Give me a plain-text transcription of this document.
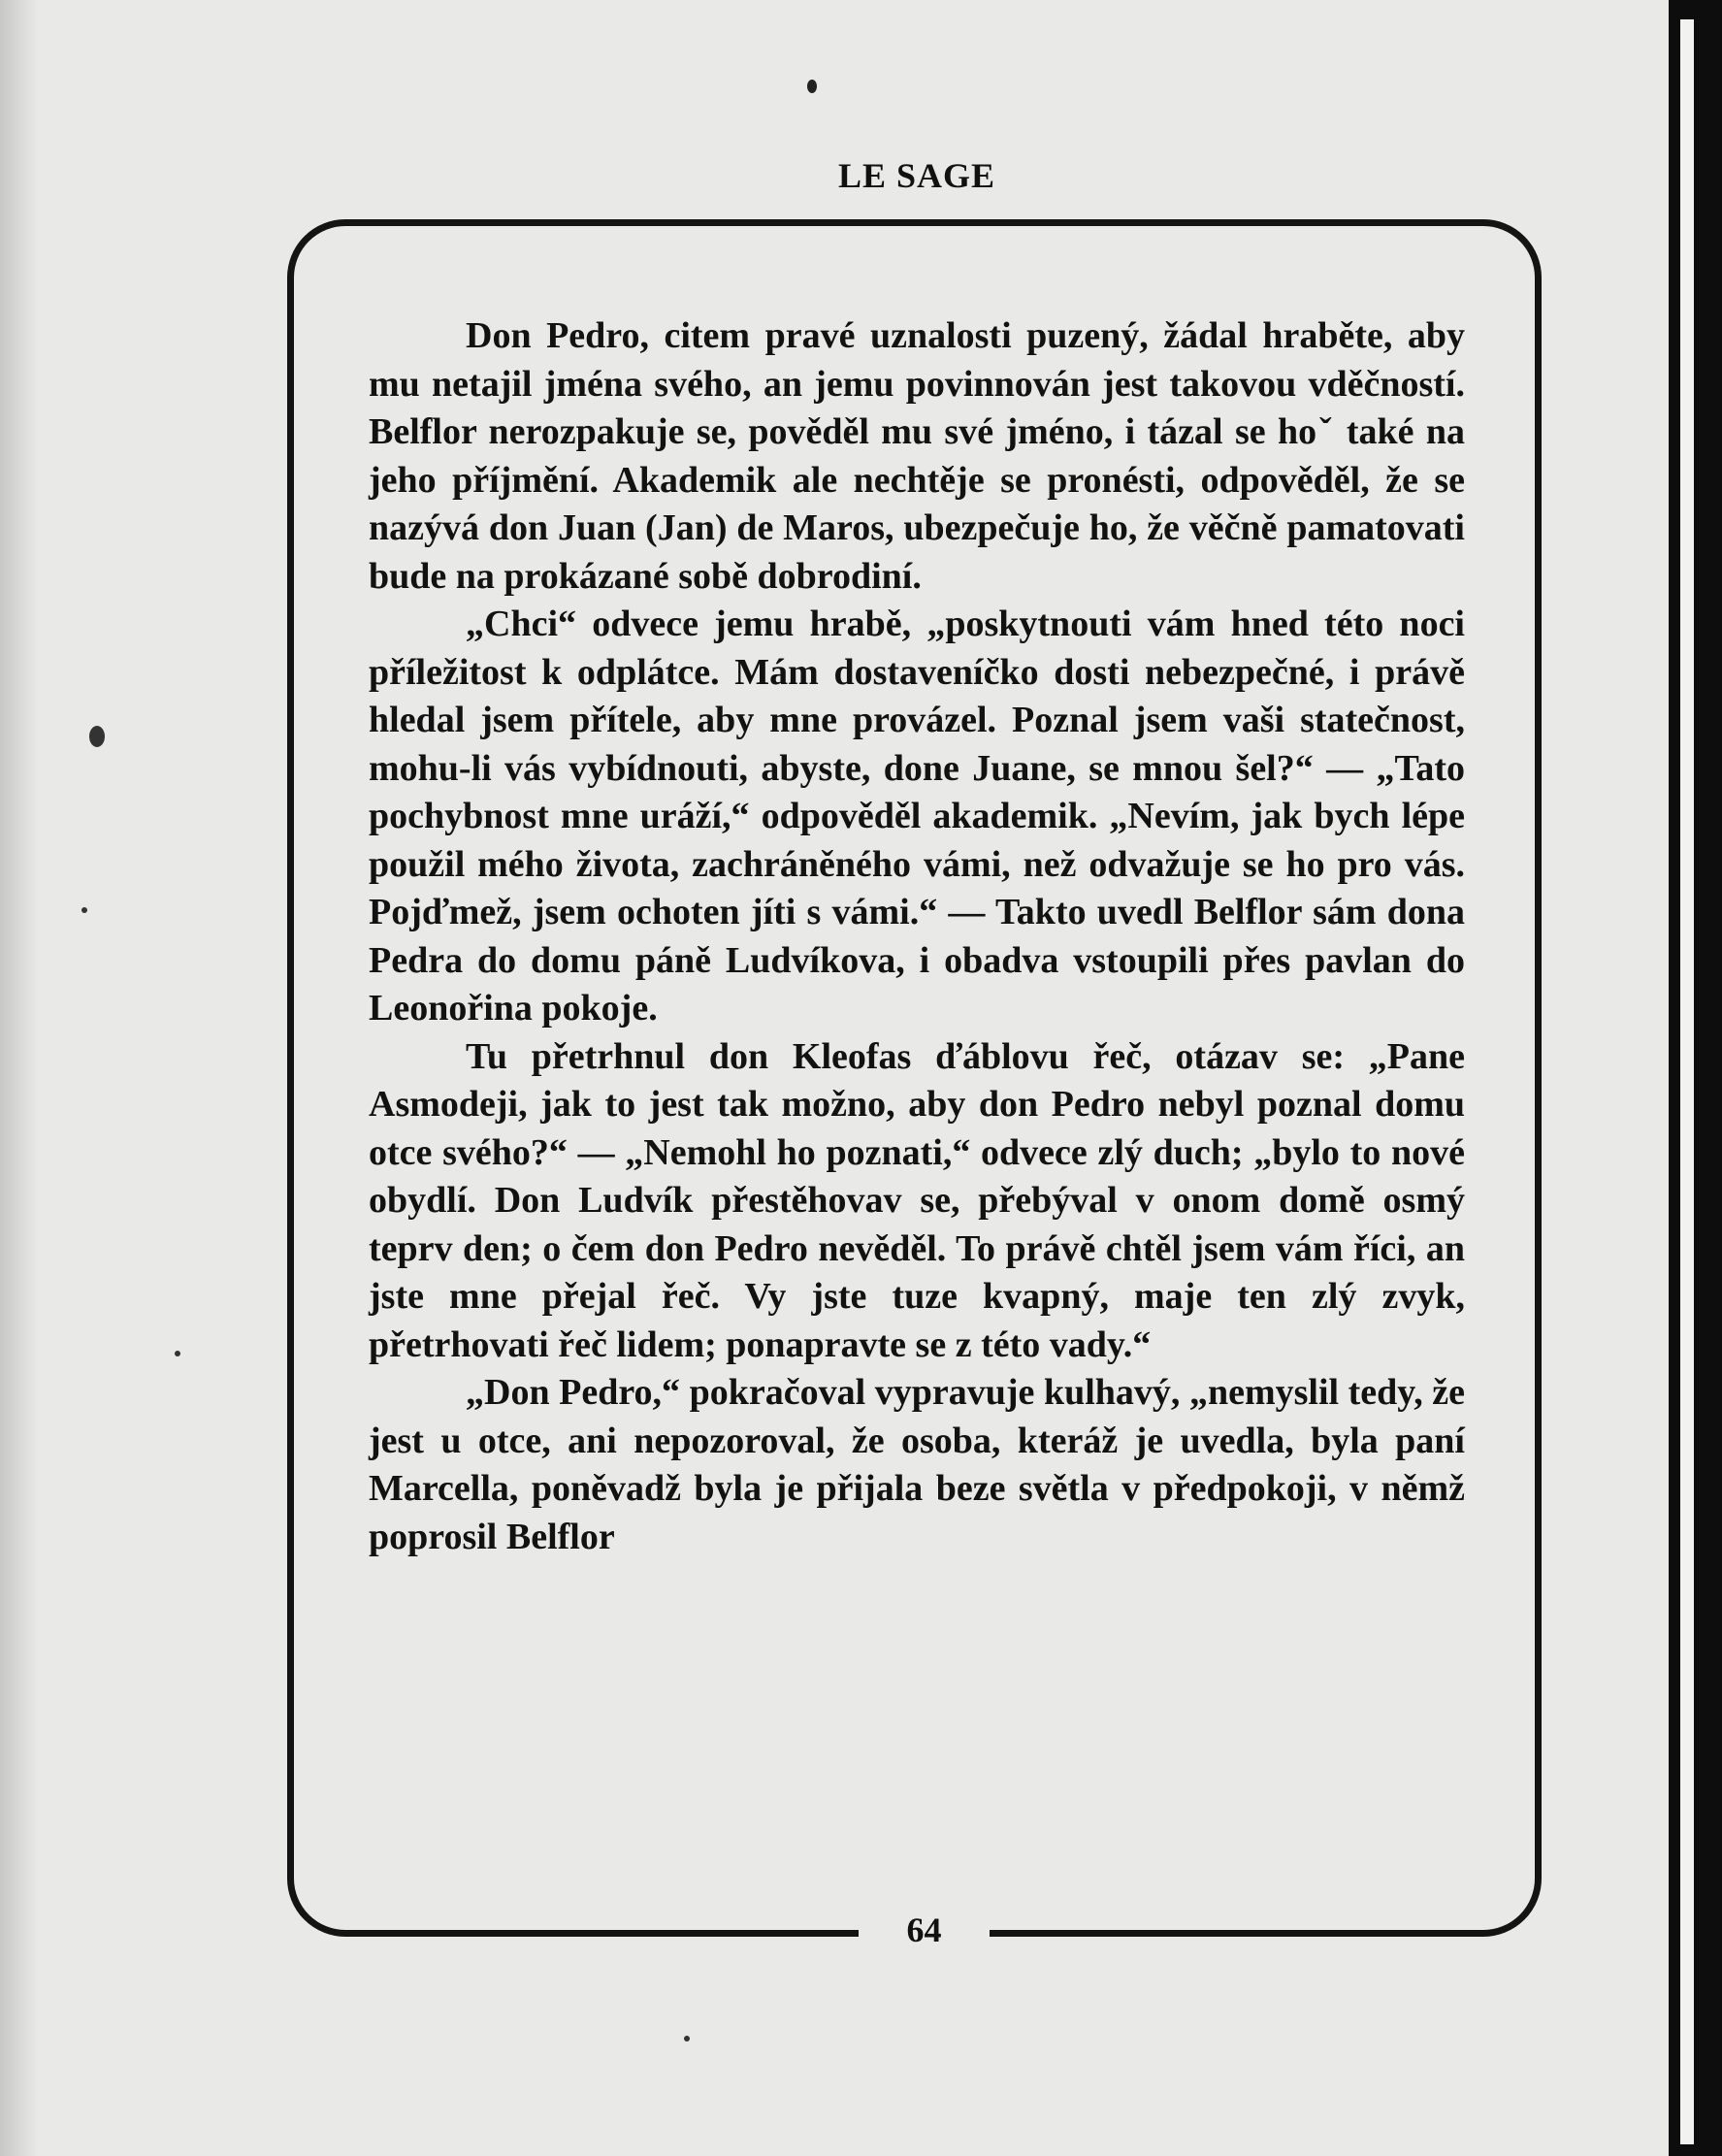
LE SAGE
64

Don Pedro, citem pravé uznalosti puzený, žádal hraběte, aby mu netajil jména svého, an jemu povinnován jest takovou vděčností. Belflor nerozpakuje se, pověděl mu své jméno, i tázal se hoˇ také na jeho příjmění. Akademik ale nechtěje se pronésti, odpověděl, že se nazývá don Juan (Jan) de Maros, ubezpečuje ho, že věčně pamatovati bude na prokázané sobě dobrodiní.

„Chci“ odvece jemu hrabě, „poskytnouti vám hned této noci příležitost k odplátce. Mám dostaveníčko dosti nebezpečné, i právě hledal jsem přítele, aby mne provázel. Poznal jsem vaši statečnost, mohu-li vás vybídnouti, abyste, done Juane, se mnou šel?“ — „Tato pochybnost mne uráží,“ odpověděl akademik. „Nevím, jak bych lépe použil mého života, zachráněného vámi, než odvažuje se ho pro vás. Pojďmež, jsem ochoten jíti s vámi.“ — Takto uvedl Belflor sám dona Pedra do domu páně Ludvíkova, i obadva vstoupili přes pavlan do Leonořina pokoje.

Tu přetrhnul don Kleofas ďáblovu řeč, otázav se: „Pane Asmodeji, jak to jest tak možno, aby don Pedro nebyl poznal domu otce svého?“ — „Nemohl ho poznati,“ odvece zlý duch; „bylo to nové obydlí. Don Ludvík přestěhovav se, přebýval v onom domě osmý teprv den; o čem don Pedro nevěděl. To právě chtěl jsem vám říci, an jste mne přejal řeč. Vy jste tuze kvapný, maje ten zlý zvyk, přetrhovati řeč lidem; ponapravte se z této vady.“

„Don Pedro,“ pokračoval vypravuje kulhavý, „nemyslil tedy, že jest u otce, ani nepozoroval, že osoba, kteráž je uvedla, byla paní Marcella, poněvadž byla je přijala beze světla v předpokoji, v němž poprosil Belflor
